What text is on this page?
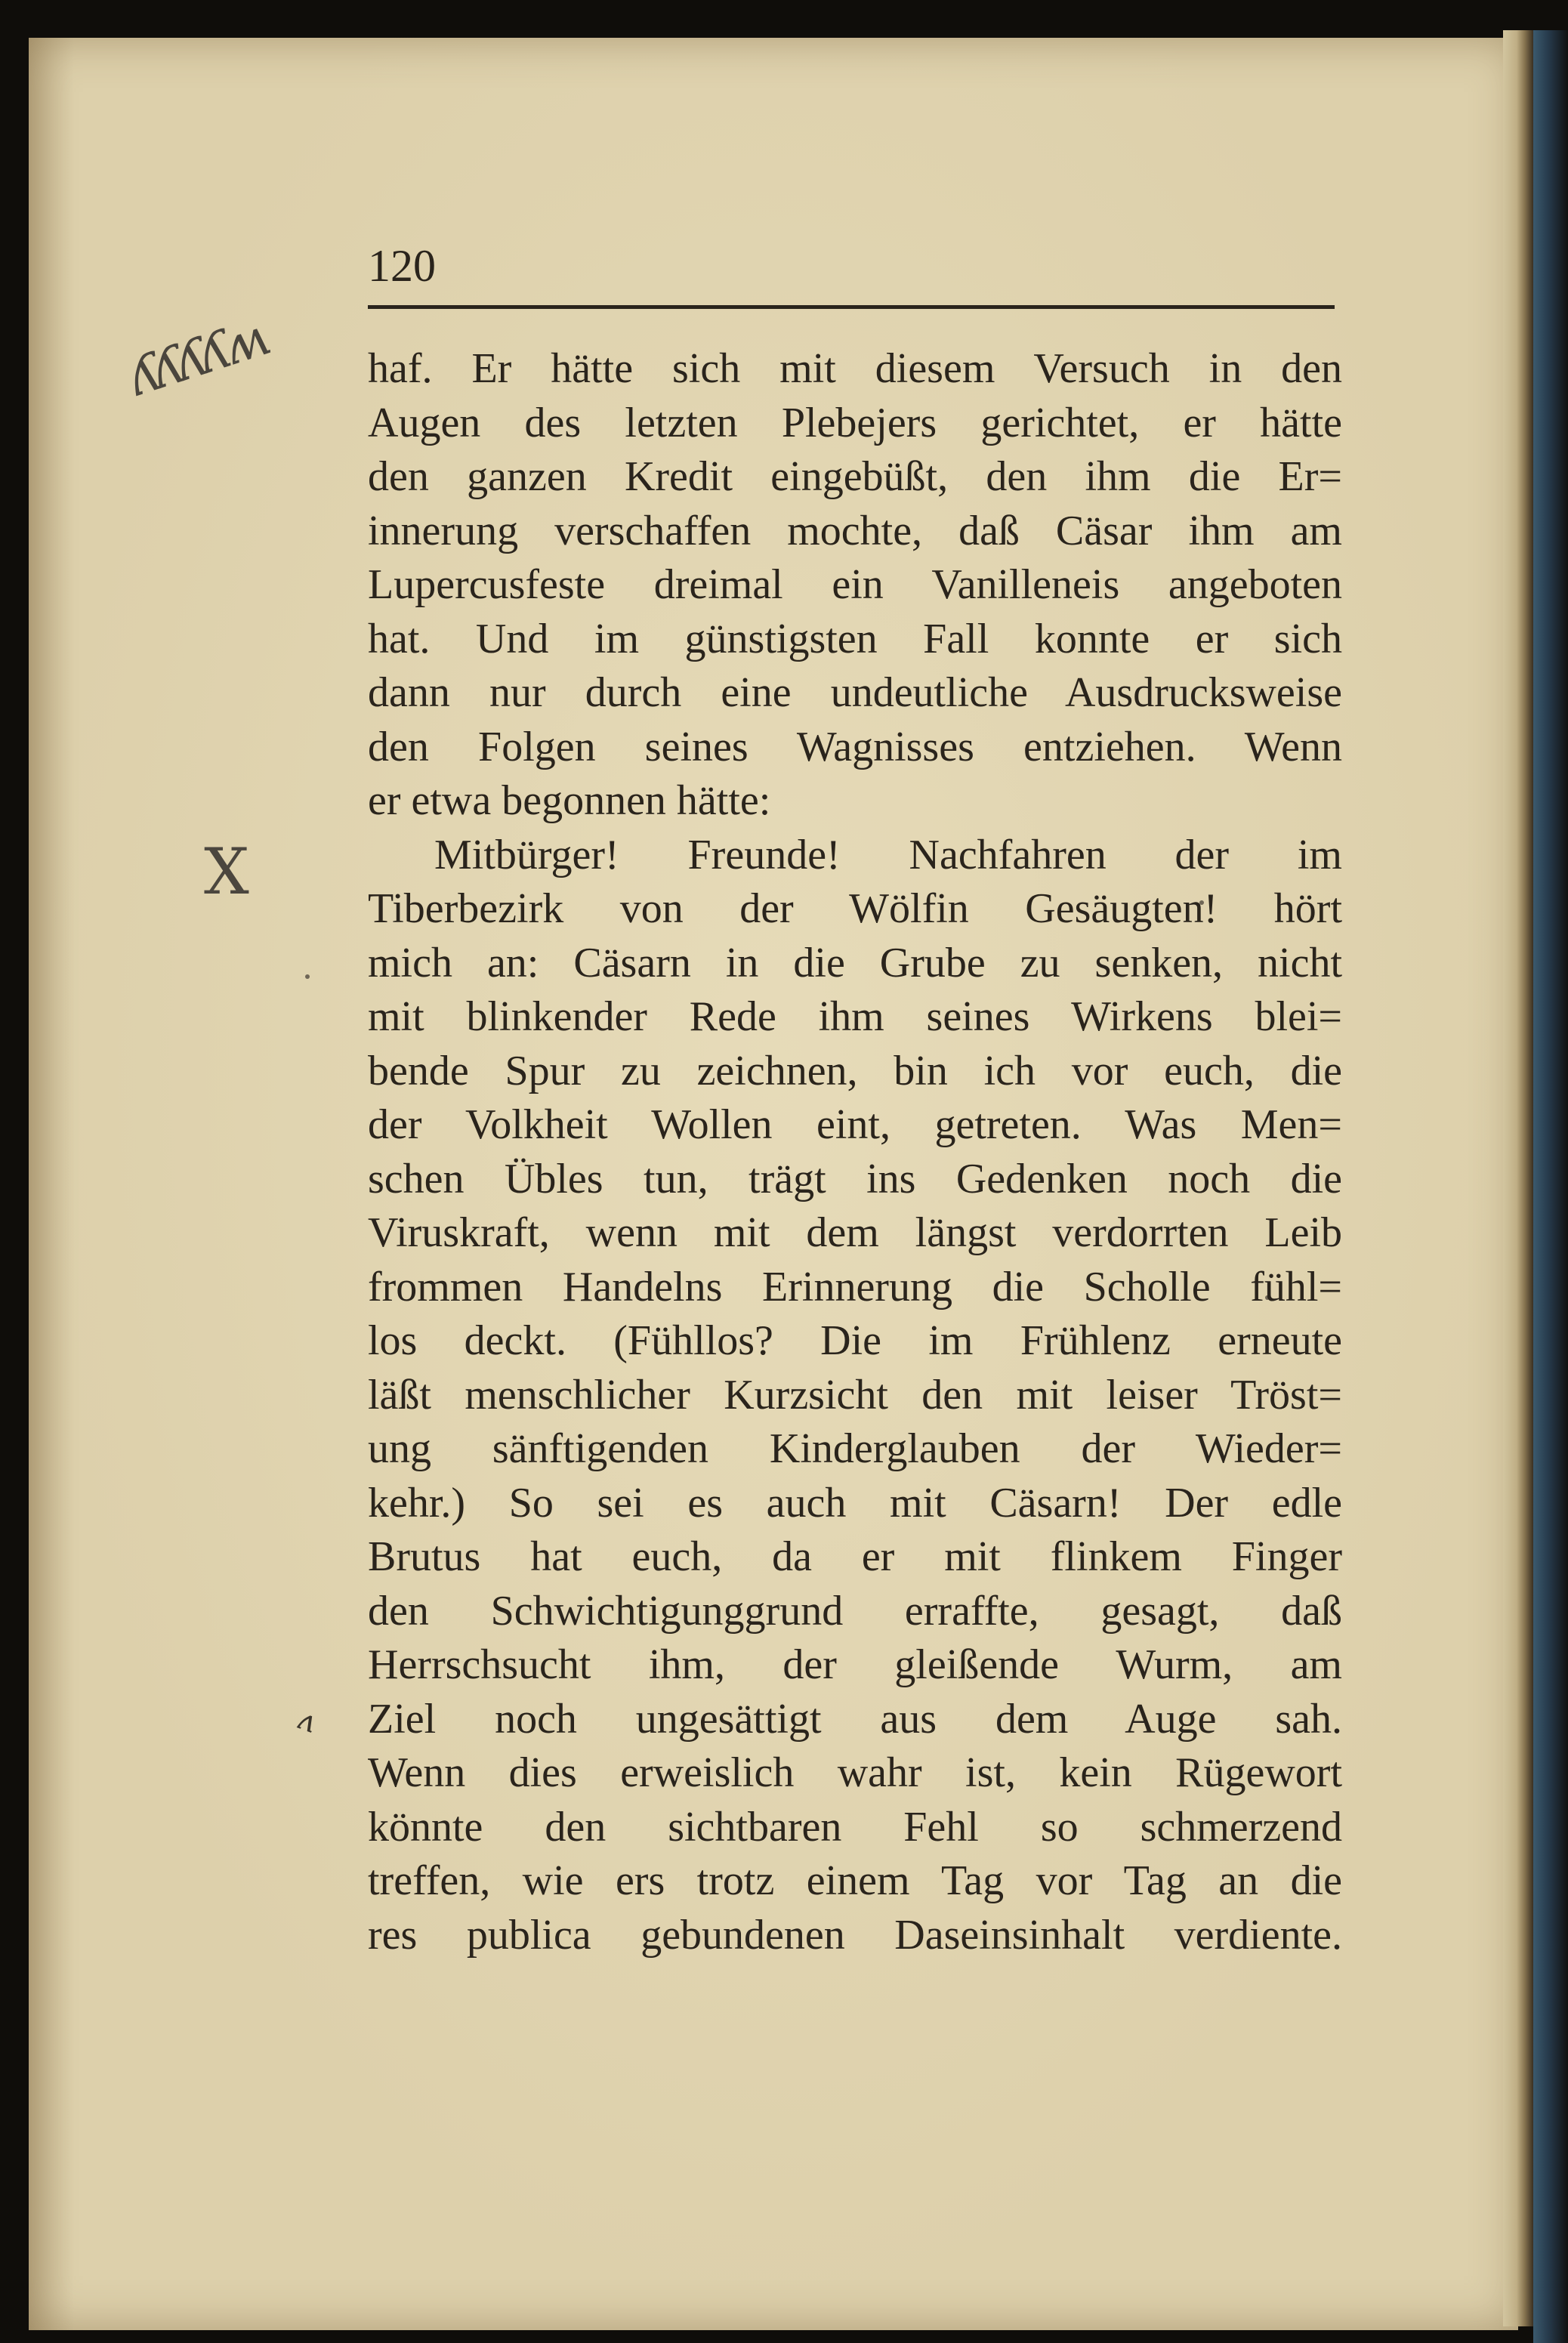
120
ʎʎʎʎʍ
X
ʌ
haf. Er hätte sich mit diesem Versuch in den
Augen des letzten Plebejers gerichtet, er hätte
den ganzen Kredit eingebüßt, den ihm die Er=
innerung verschaffen mochte, daß Cäsar ihm am
Lupercusfeste dreimal ein Vanilleneis angeboten
hat. Und im günstigsten Fall konnte er sich
dann nur durch eine undeutliche Ausdrucksweise
den Folgen seines Wagnisses entziehen. Wenn
er etwa begonnen hätte:
Mitbürger! Freunde! Nachfahren der im
Tiberbezirk von der Wölfin Gesäugten! hört
mich an: Cäsarn in die Grube zu senken, nicht
mit blinkender Rede ihm seines Wirkens blei=
bende Spur zu zeichnen, bin ich vor euch, die
der Volkheit Wollen eint, getreten. Was Men=
schen Übles tun, trägt ins Gedenken noch die
Viruskraft, wenn mit dem längst verdorrten Leib
frommen Handelns Erinnerung die Scholle fühl=
los deckt. (Fühllos? Die im Frühlenz erneute
läßt menschlicher Kurzsicht den mit leiser Tröst=
ung sänftigenden Kinderglauben der Wieder=
kehr.) So sei es auch mit Cäsarn! Der edle
Brutus hat euch, da er mit flinkem Finger
den Schwichtigunggrund erraffte, gesagt, daß
Herrschsucht ihm, der gleißende Wurm, am
Ziel noch ungesättigt aus dem Auge sah.
Wenn dies erweislich wahr ist, kein Rügewort
könnte den sichtbaren Fehl so schmerzend
treffen, wie ers trotz einem Tag vor Tag an die
res publica gebundenen Daseinsinhalt verdiente.
